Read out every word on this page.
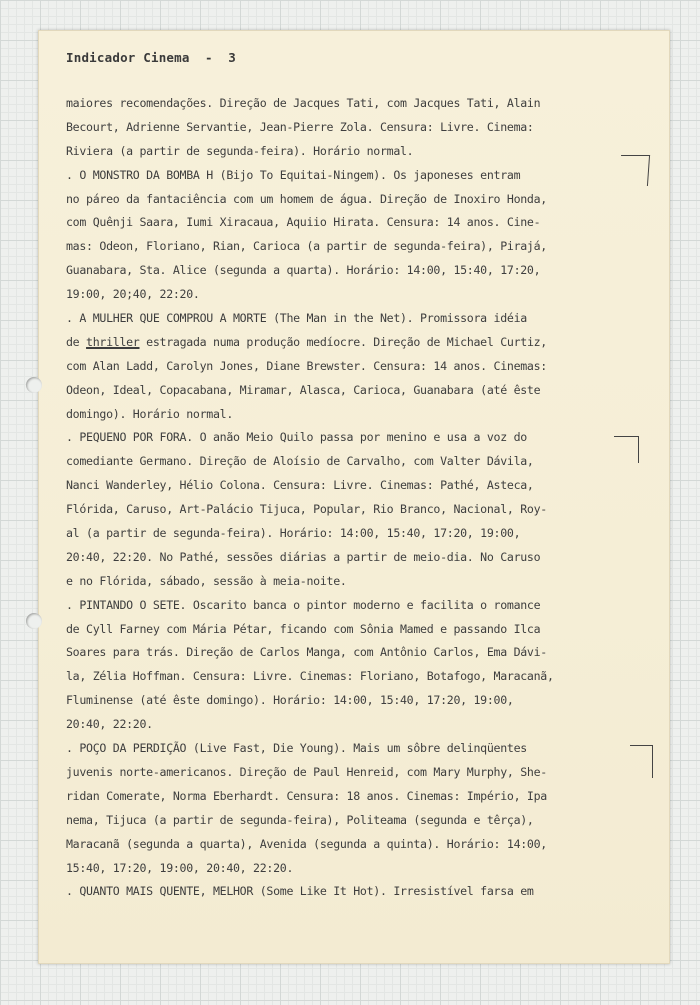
Indicador Cinema  -  3
maiores recomendações. Direção de Jacques Tati, com Jacques Tati, Alain
Becourt, Adrienne Servantie, Jean-Pierre Zola. Censura: Livre. Cinema:
Riviera (a partir de segunda-feira). Horário normal.
. O MONSTRO DA BOMBA H (Bijo To Equitai-Ningem). Os japoneses entram
no páreo da fantaciência com um homem de água. Direção de Inoxiro Honda,
com Quênji Saara, Iumi Xiracaua, Aquiio Hirata. Censura: 14 anos. Cine-
mas: Odeon, Floriano, Rian, Carioca (a partir de segunda-feira), Pirajá,
Guanabara, Sta. Alice (segunda a quarta). Horário: 14:00, 15:40, 17:20,
19:00, 20;40, 22:20.
. A MULHER QUE COMPROU A MORTE (The Man in the Net). Promissora idéia
de thriller estragada numa produção medíocre. Direção de Michael Curtiz,
com Alan Ladd, Carolyn Jones, Diane Brewster. Censura: 14 anos. Cinemas:
Odeon, Ideal, Copacabana, Miramar, Alasca, Carioca, Guanabara (até êste
domingo). Horário normal.
. PEQUENO POR FORA. O anão Meio Quilo passa por menino e usa a voz do
comediante Germano. Direção de Aloísio de Carvalho, com Valter Dávila,
Nanci Wanderley, Hélio Colona. Censura: Livre. Cinemas: Pathé, Asteca,
Flórida, Caruso, Art-Palácio Tijuca, Popular, Rio Branco, Nacional, Roy-
al (a partir de segunda-feira). Horário: 14:00, 15:40, 17:20, 19:00,
20:40, 22:20. No Pathé, sessões diárias a partir de meio-dia. No Caruso
e no Flórida, sábado, sessão à meia-noite.
. PINTANDO O SETE. Oscarito banca o pintor moderno e facilita o romance
de Cyll Farney com Mária Pétar, ficando com Sônia Mamed e passando Ilca
Soares para trás. Direção de Carlos Manga, com Antônio Carlos, Ema Dávi-
la, Zélia Hoffman. Censura: Livre. Cinemas: Floriano, Botafogo, Maracanã,
Fluminense (até êste domingo). Horário: 14:00, 15:40, 17:20, 19:00,
20:40, 22:20.
. POÇO DA PERDIÇÃO (Live Fast, Die Young). Mais um sôbre delinqüentes
juvenis norte-americanos. Direção de Paul Henreid, com Mary Murphy, She-
ridan Comerate, Norma Eberhardt. Censura: 18 anos. Cinemas: Império, Ipa
nema, Tijuca (a partir de segunda-feira), Politeama (segunda e têrça),
Maracanã (segunda a quarta), Avenida (segunda a quinta). Horário: 14:00,
15:40, 17:20, 19:00, 20:40, 22:20.
. QUANTO MAIS QUENTE, MELHOR (Some Like It Hot). Irresistível farsa em
